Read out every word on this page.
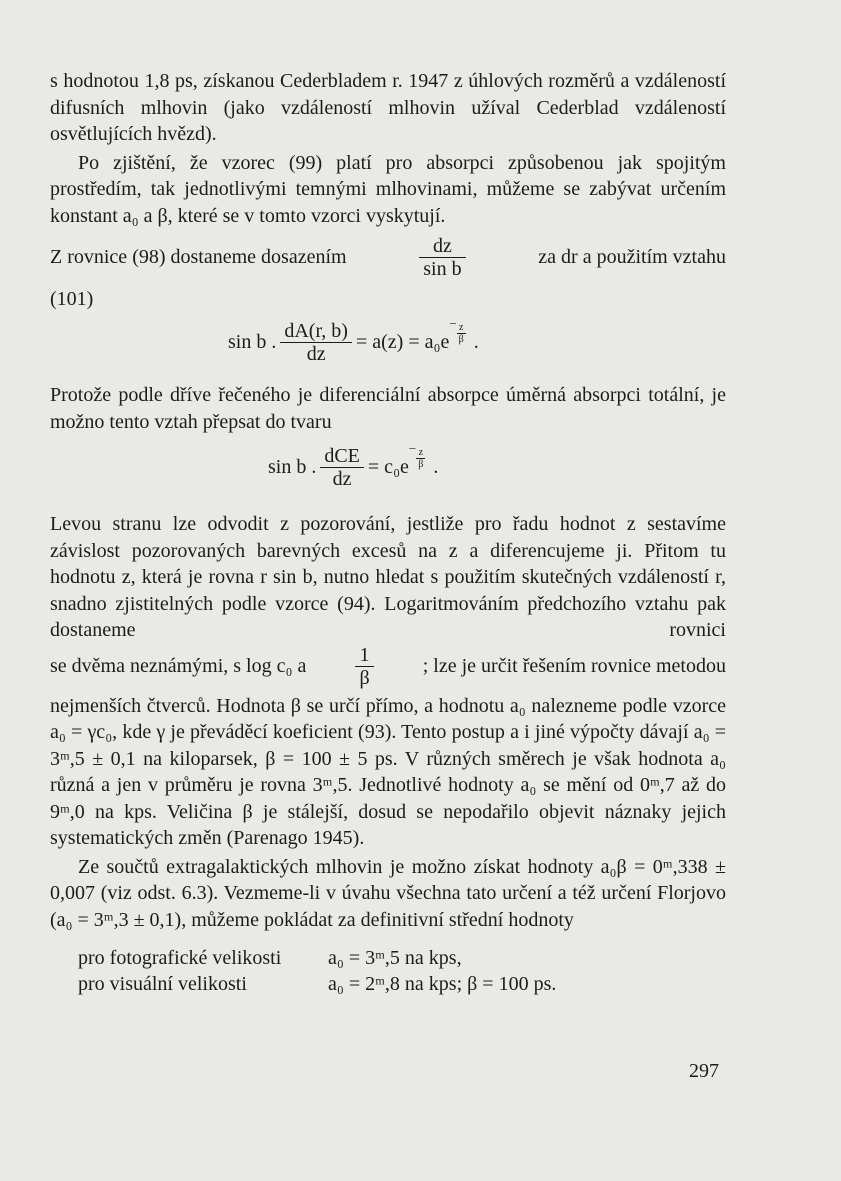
s hodnotou 1,8 ps, získanou Cederbladem r. 1947 z úhlových rozměrů a vzdáleností difusních mlhovin (jako vzdáleností mlhovin užíval Cederblad vzdáleností osvětlujících hvězd).

Po zjištění, že vzorec (99) platí pro absorpci způsobenou jak spojitým prostředím, tak jednotlivými temnými mlhovinami, můžeme se zabývat určením konstant a₀ a β, které se v tomto vzorci vyskytují.

Z rovnice (98) dostaneme dosazením	$\frac{dz}{\text{sin b}}$	za dr a použitím vztahu

(101)
sin b . $\frac{dA(r, b)}{dz} = a(z) = a_0e$
− $\frac{z}{\beta}$ .

Protože podle dříve řečeného je diferenciální absorpce úměrná absorpci totální, je možno tento vztah přepsat do tvaru

sin b . $\frac{\text{dCE}}{dz} = c_0e$
− $\frac{z}{\beta}$ .

Levou stranu lze odvodit z pozorování, jestliže pro řadu hodnot z sestavíme závislost pozorovaných barevných excesů na z a diferencujeme ji. Přitom tu hodnotu z, která je rovna r sin b, nutno hledat s použitím skutečných vzdáleností r, snadno zjistitelných podle vzorce (94). Logaritmováním předchozího vztahu pak dostaneme rovnici

se dvěma neznámými, s log c₀ a $\frac{1}{\beta}$ ; lze je určit řešením rovnice metodou

nejmenších čtverců. Hodnota β se určí přímo, a hodnotu a₀ nalezneme podle vzorce a₀ = γc₀, kde γ je převáděcí koeficient (93). Tento postup a i jiné výpočty dávají a₀ = 3ᵐ,5 ± 0,1 na kiloparsek, β = 100 ± 5 ps. V různých směrech je však hodnota a₀ různá a jen v průměru je rovna 3ᵐ,5. Jednotlivé hodnoty a₀ se mění od 0ᵐ,7 až do 9ᵐ,0 na kps. Veličina β je stálejší, dosud se nepodařilo objevit náznaky jejich systematických změn (Parenago 1945).

Ze součtů extragalaktických mlhovin je možno získat hodnoty a₀β = 0ᵐ,338 ± 0,007 (viz odst. 6.3). Vezmeme-li v úvahu všechna tato určení a též určení Florjovo (a₀ = 3ᵐ,3 ± 0,1), můžeme pokládat za definitivní střední hodnoty

pro fotografické velikosti	a₀ = 3ᵐ,5 na kps,
pro visuální velikosti	a₀ = 2ᵐ,8 na kps; β = 100 ps.
297
